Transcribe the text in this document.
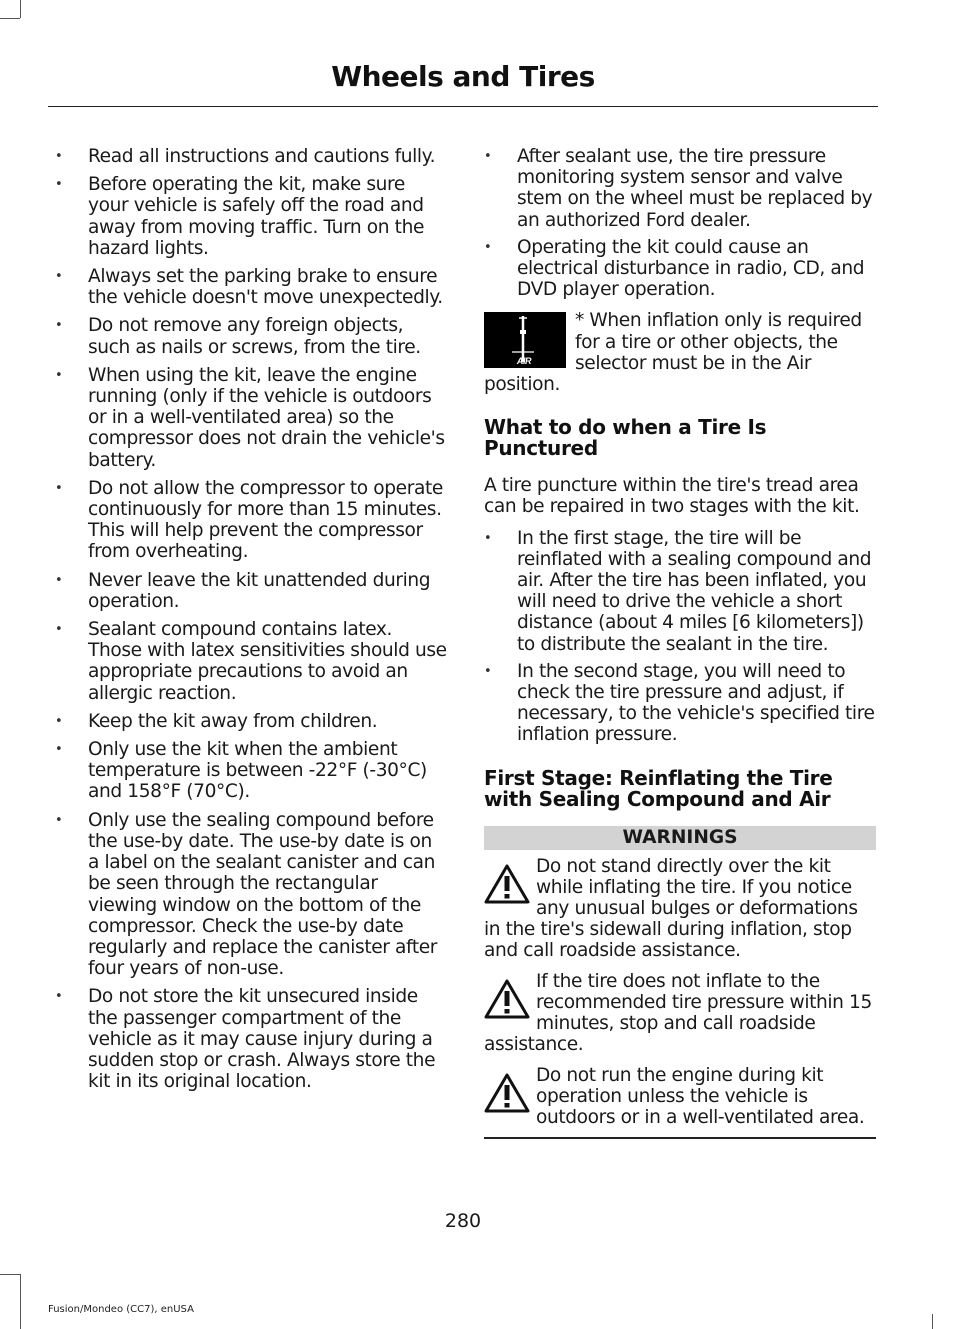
Wheels and Tires
• Read all instructions and cautions fully.
• Before operating the kit, make sure your vehicle is safely off the road and away from moving traffic. Turn on the hazard lights.
• Always set the parking brake to ensure the vehicle doesn't move unexpectedly.
• Do not remove any foreign objects, such as nails or screws, from the tire.
• When using the kit, leave the engine running (only if the vehicle is outdoors or in a well-ventilated area) so the compressor does not drain the vehicle's battery.
• Do not allow the compressor to operate continuously for more than 15 minutes. This will help prevent the compressor from overheating.
• Never leave the kit unattended during operation.
• Sealant compound contains latex. Those with latex sensitivities should use appropriate precautions to avoid an allergic reaction.
• Keep the kit away from children.
• Only use the kit when the ambient temperature is between -22°F (-30°C) and 158°F (70°C).
• Only use the sealing compound before the use-by date. The use-by date is on a label on the sealant canister and can be seen through the rectangular viewing window on the bottom of the compressor. Check the use-by date regularly and replace the canister after four years of non-use.
• Do not store the kit unsecured inside the passenger compartment of the vehicle as it may cause injury during a sudden stop or crash. Always store the kit in its original location.
• After sealant use, the tire pressure monitoring system sensor and valve stem on the wheel must be replaced by an authorized Ford dealer.
• Operating the kit could cause an electrical disturbance in radio, CD, and DVD player operation.
AIR
* When inflation only is required for a tire or other objects, the selector must be in the Air position.
What to do when a Tire Is Punctured

A tire puncture within the tire's tread area can be repaired in two stages with the kit.

• In the first stage, the tire will be reinflated with a sealing compound and air. After the tire has been inflated, you will need to drive the vehicle a short distance (about 4 miles [6 kilometers]) to distribute the sealant in the tire.
• In the second stage, you will need to check the tire pressure and adjust, if necessary, to the vehicle's specified tire inflation pressure.
First Stage: Reinflating the Tire with Sealing Compound and Air
WARNINGS
Do not stand directly over the kit while inflating the tire. If you notice any unusual bulges or deformations in the tire's sidewall during inflation, stop and call roadside assistance.
If the tire does not inflate to the recommended tire pressure within 15 minutes, stop and call roadside assistance.
Do not run the engine during kit operation unless the vehicle is outdoors or in a well-ventilated area.
280
Fusion/Mondeo (CC7), enUSA
